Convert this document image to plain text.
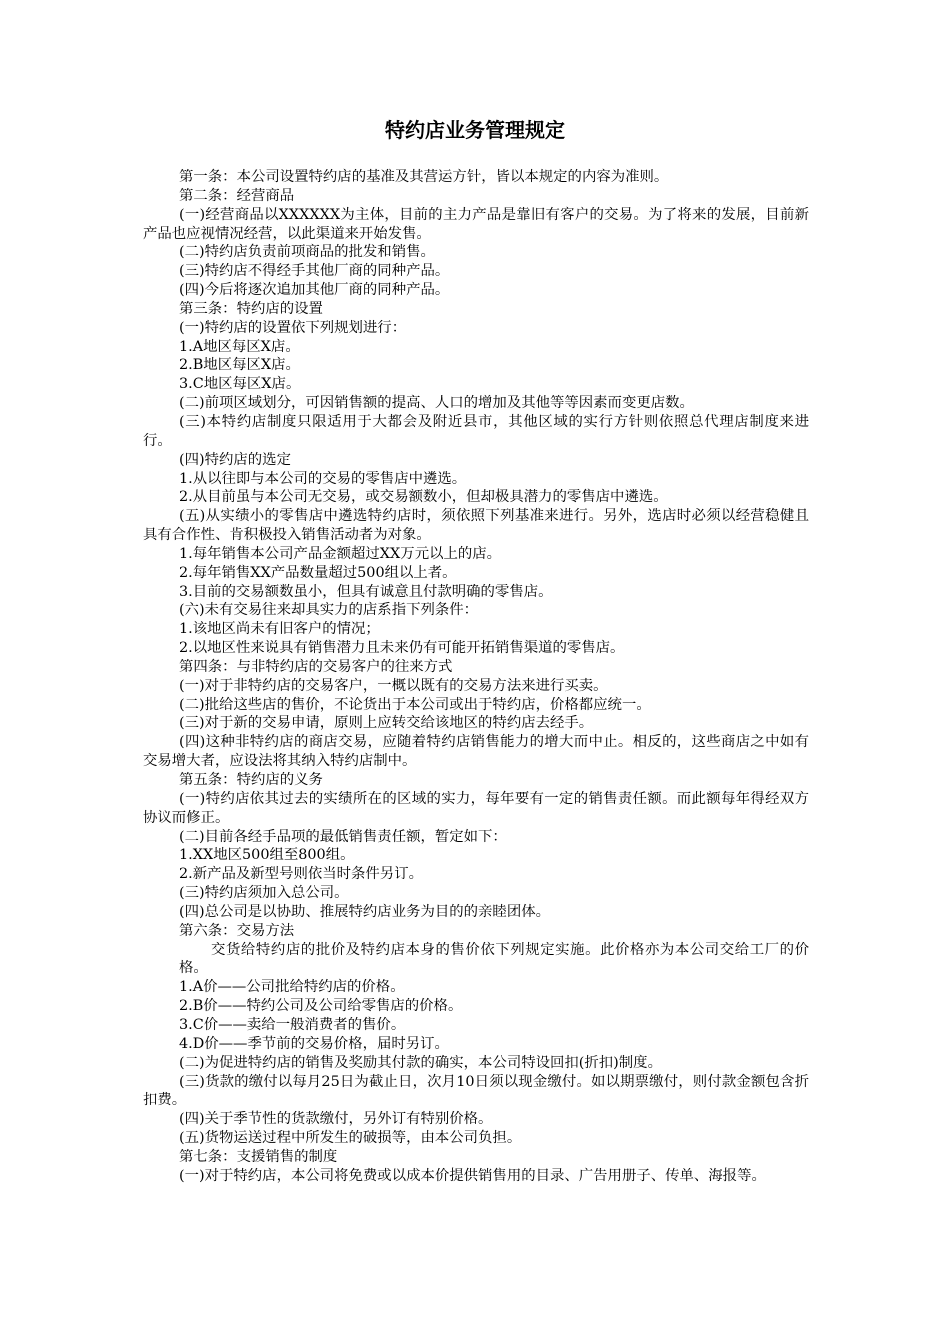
特约店业务管理规定

第一条：本公司设置特约店的基准及其营运方针，皆以本规定的内容为准则。

第二条：经营商品

(一)经营商品以XXXXXX为主体，目前的主力产品是靠旧有客户的交易。为了将来的发展，目前新产品也应视情况经营，以此渠道来开始发售。

(二)特约店负责前项商品的批发和销售。

(三)特约店不得经手其他厂商的同种产品。

(四)今后将逐次追加其他厂商的同种产品。

第三条：特约店的设置

(一)特约店的设置依下列规划进行：

1.A地区每区X店。

2.B地区每区X店。

3.C地区每区X店。

(二)前项区域划分，可因销售额的提高、人口的增加及其他等等因素而变更店数。

(三)本特约店制度只限适用于大都会及附近县市，其他区域的实行方针则依照总代理店制度来进行。

(四)特约店的选定

1.从以往即与本公司的交易的零售店中遴选。

2.从目前虽与本公司无交易，或交易额数小，但却极具潜力的零售店中遴选。

(五)从实绩小的零售店中遴选特约店时，须依照下列基准来进行。另外，选店时必须以经营稳健且具有合作性、肯积极投入销售活动者为对象。

1.每年销售本公司产品金额超过XX万元以上的店。

2.每年销售XX产品数量超过500组以上者。

3.目前的交易额数虽小，但具有诚意且付款明确的零售店。

(六)未有交易往来却具实力的店系指下列条件：

1.该地区尚未有旧客户的情况；

2.以地区性来说具有销售潜力且未来仍有可能开拓销售渠道的零售店。

第四条：与非特约店的交易客户的往来方式

(一)对于非特约店的交易客户，一概以既有的交易方法来进行买卖。

(二)批给这些店的售价，不论货出于本公司或出于特约店，价格都应统一。

(三)对于新的交易申请，原则上应转交给该地区的特约店去经手。

(四)这种非特约店的商店交易，应随着特约店销售能力的增大而中止。相反的，这些商店之中如有交易增大者，应设法将其纳入特约店制中。

第五条：特约店的义务

(一)特约店依其过去的实绩所在的区域的实力，每年要有一定的销售责任额。而此额每年得经双方协议而修正。

(二)目前各经手品项的最低销售责任额，暂定如下：

1.XX地区500组至800组。

2.新产品及新型号则依当时条件另订。

(三)特约店须加入总公司。

(四)总公司是以协助、推展特约店业务为目的的亲睦团体。

第六条：交易方法

交货给特约店的批价及特约店本身的售价依下列规定实施。此价格亦为本公司交给工厂的价格。

1.A价——公司批给特约店的价格。

2.B价——特约公司及公司给零售店的价格。

3.C价——卖给一般消费者的售价。

4.D价——季节前的交易价格，届时另订。

(二)为促进特约店的销售及奖励其付款的确实，本公司特设回扣(折扣)制度。

(三)货款的缴付以每月25日为截止日，次月10日须以现金缴付。如以期票缴付，则付款金额包含折扣费。

(四)关于季节性的货款缴付，另外订有特别价格。

(五)货物运送过程中所发生的破损等，由本公司负担。

第七条：支援销售的制度

(一)对于特约店，本公司将免费或以成本价提供销售用的目录、广告用册子、传单、海报等。
